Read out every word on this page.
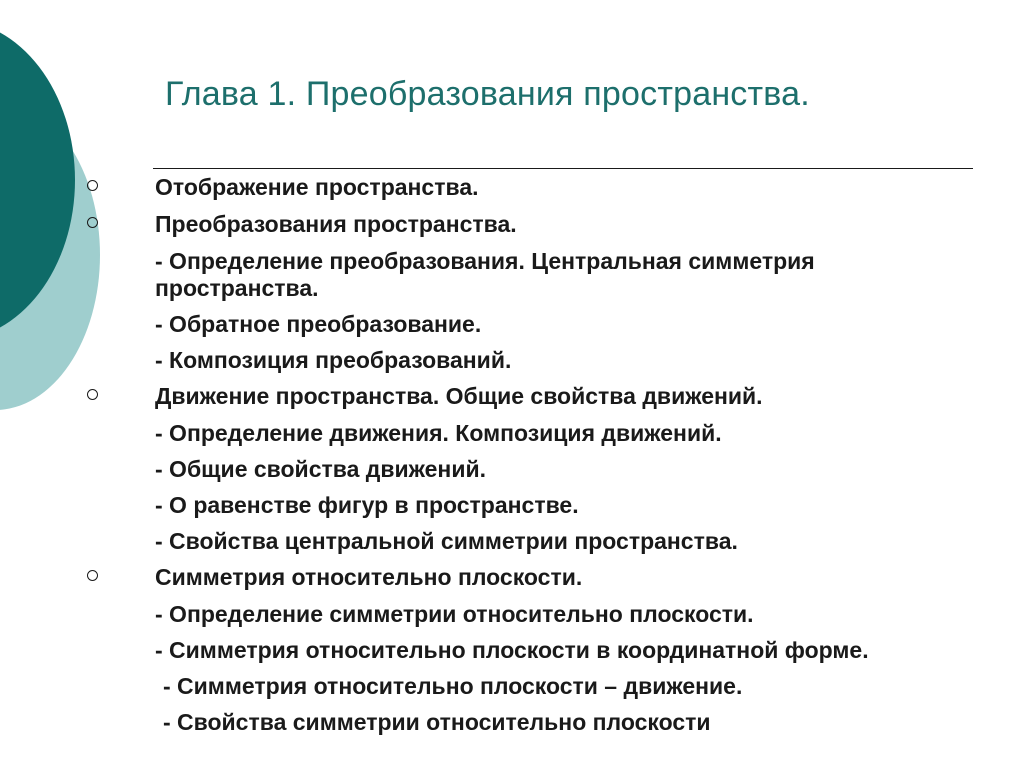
Глава 1. Преобразования пространства.
Отображение пространства.
Преобразования пространства.
- Определение преобразования. Центральная симметрия пространства.
- Обратное преобразование.
- Композиция преобразований.
Движение пространства. Общие свойства движений.
- Определение движения. Композиция движений.
- Общие свойства движений.
- О равенстве фигур в пространстве.
- Свойства центральной симметрии пространства.
Симметрия относительно плоскости.
- Определение симметрии относительно плоскости.
- Симметрия относительно плоскости в координатной форме.
- Симметрия относительно плоскости – движение.
- Свойства симметрии относительно плоскости
